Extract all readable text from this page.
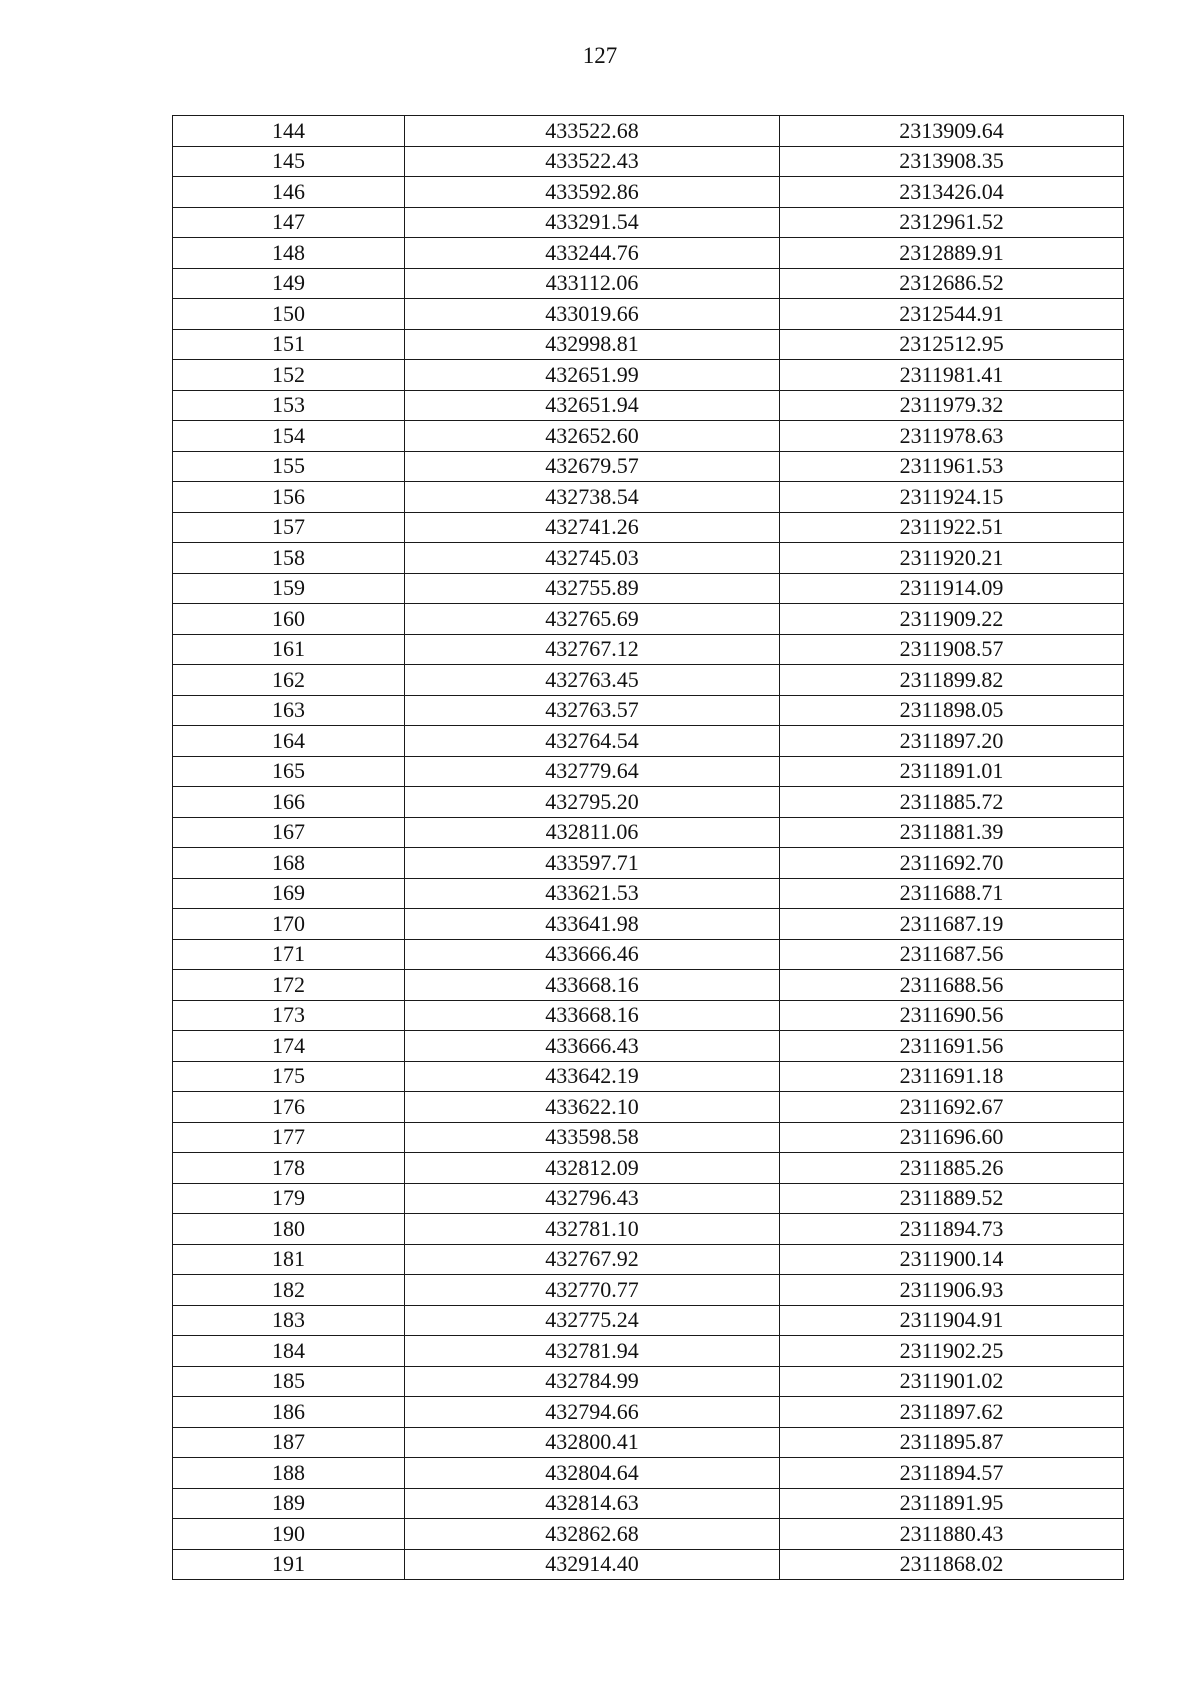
127
144	433522.68	2313909.64
145	433522.43	2313908.35
146	433592.86	2313426.04
147	433291.54	2312961.52
148	433244.76	2312889.91
149	433112.06	2312686.52
150	433019.66	2312544.91
151	432998.81	2312512.95
152	432651.99	2311981.41
153	432651.94	2311979.32
154	432652.60	2311978.63
155	432679.57	2311961.53
156	432738.54	2311924.15
157	432741.26	2311922.51
158	432745.03	2311920.21
159	432755.89	2311914.09
160	432765.69	2311909.22
161	432767.12	2311908.57
162	432763.45	2311899.82
163	432763.57	2311898.05
164	432764.54	2311897.20
165	432779.64	2311891.01
166	432795.20	2311885.72
167	432811.06	2311881.39
168	433597.71	2311692.70
169	433621.53	2311688.71
170	433641.98	2311687.19
171	433666.46	2311687.56
172	433668.16	2311688.56
173	433668.16	2311690.56
174	433666.43	2311691.56
175	433642.19	2311691.18
176	433622.10	2311692.67
177	433598.58	2311696.60
178	432812.09	2311885.26
179	432796.43	2311889.52
180	432781.10	2311894.73
181	432767.92	2311900.14
182	432770.77	2311906.93
183	432775.24	2311904.91
184	432781.94	2311902.25
185	432784.99	2311901.02
186	432794.66	2311897.62
187	432800.41	2311895.87
188	432804.64	2311894.57
189	432814.63	2311891.95
190	432862.68	2311880.43
191	432914.40	2311868.02
